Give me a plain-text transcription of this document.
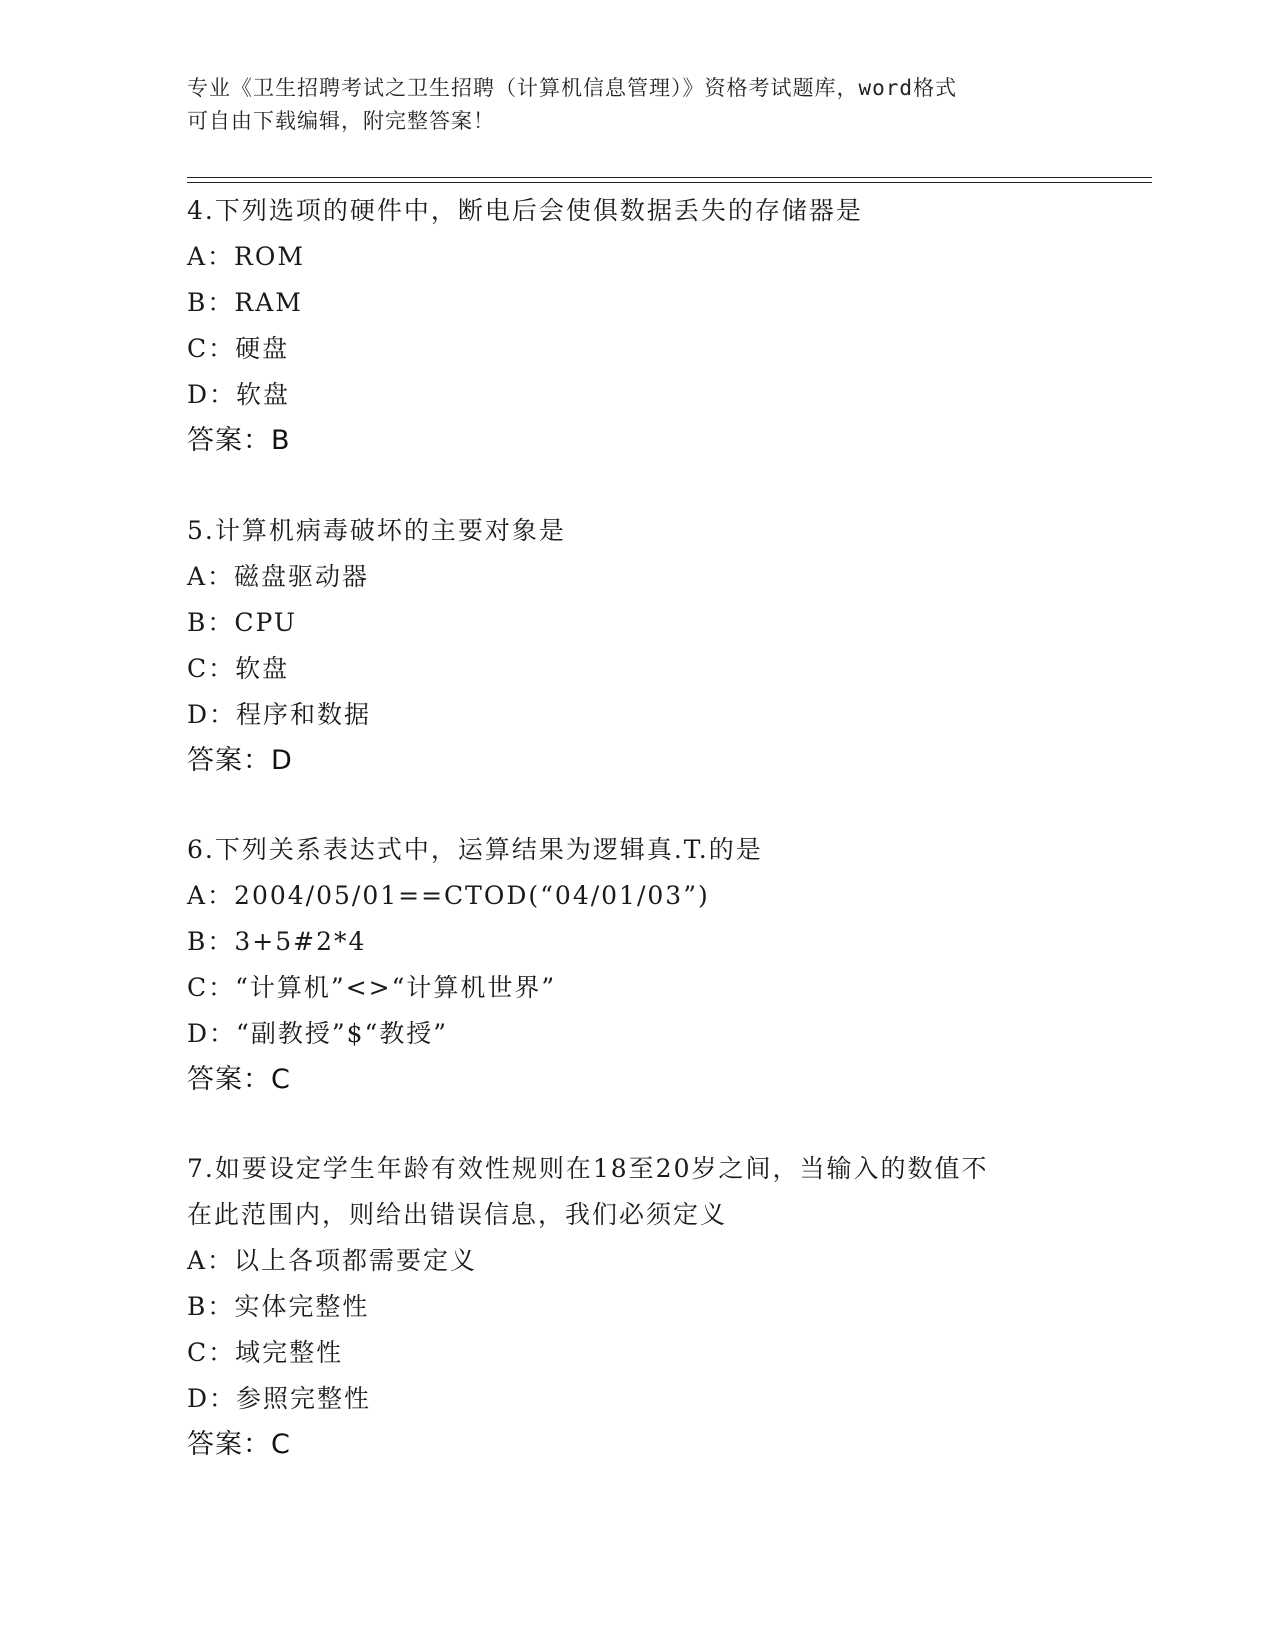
专业《卫生招聘考试之卫生招聘（计算机信息管理）》资格考试题库，word格式
可自由下载编辑，附完整答案！
4.下列选项的硬件中，断电后会使俱数据丢失的存储器是
A：ROM
B：RAM
C：硬盘
D：软盘
答案：B
5.计算机病毒破坏的主要对象是
A：磁盘驱动器
B：CPU
C：软盘
D：程序和数据
答案：D
6.下列关系表达式中，运算结果为逻辑真.T.的是
A：2004/05/01==CTOD(“04/01/03”)
B：3+5#2*4
C：“计算机”<>“计算机世界”
D：“副教授”$“教授”
答案：C
7.如要设定学生年龄有效性规则在18至20岁之间，当输入的数值不
在此范围内，则给出错误信息，我们必须定义
A：以上各项都需要定义
B：实体完整性
C：域完整性
D：参照完整性
答案：C
